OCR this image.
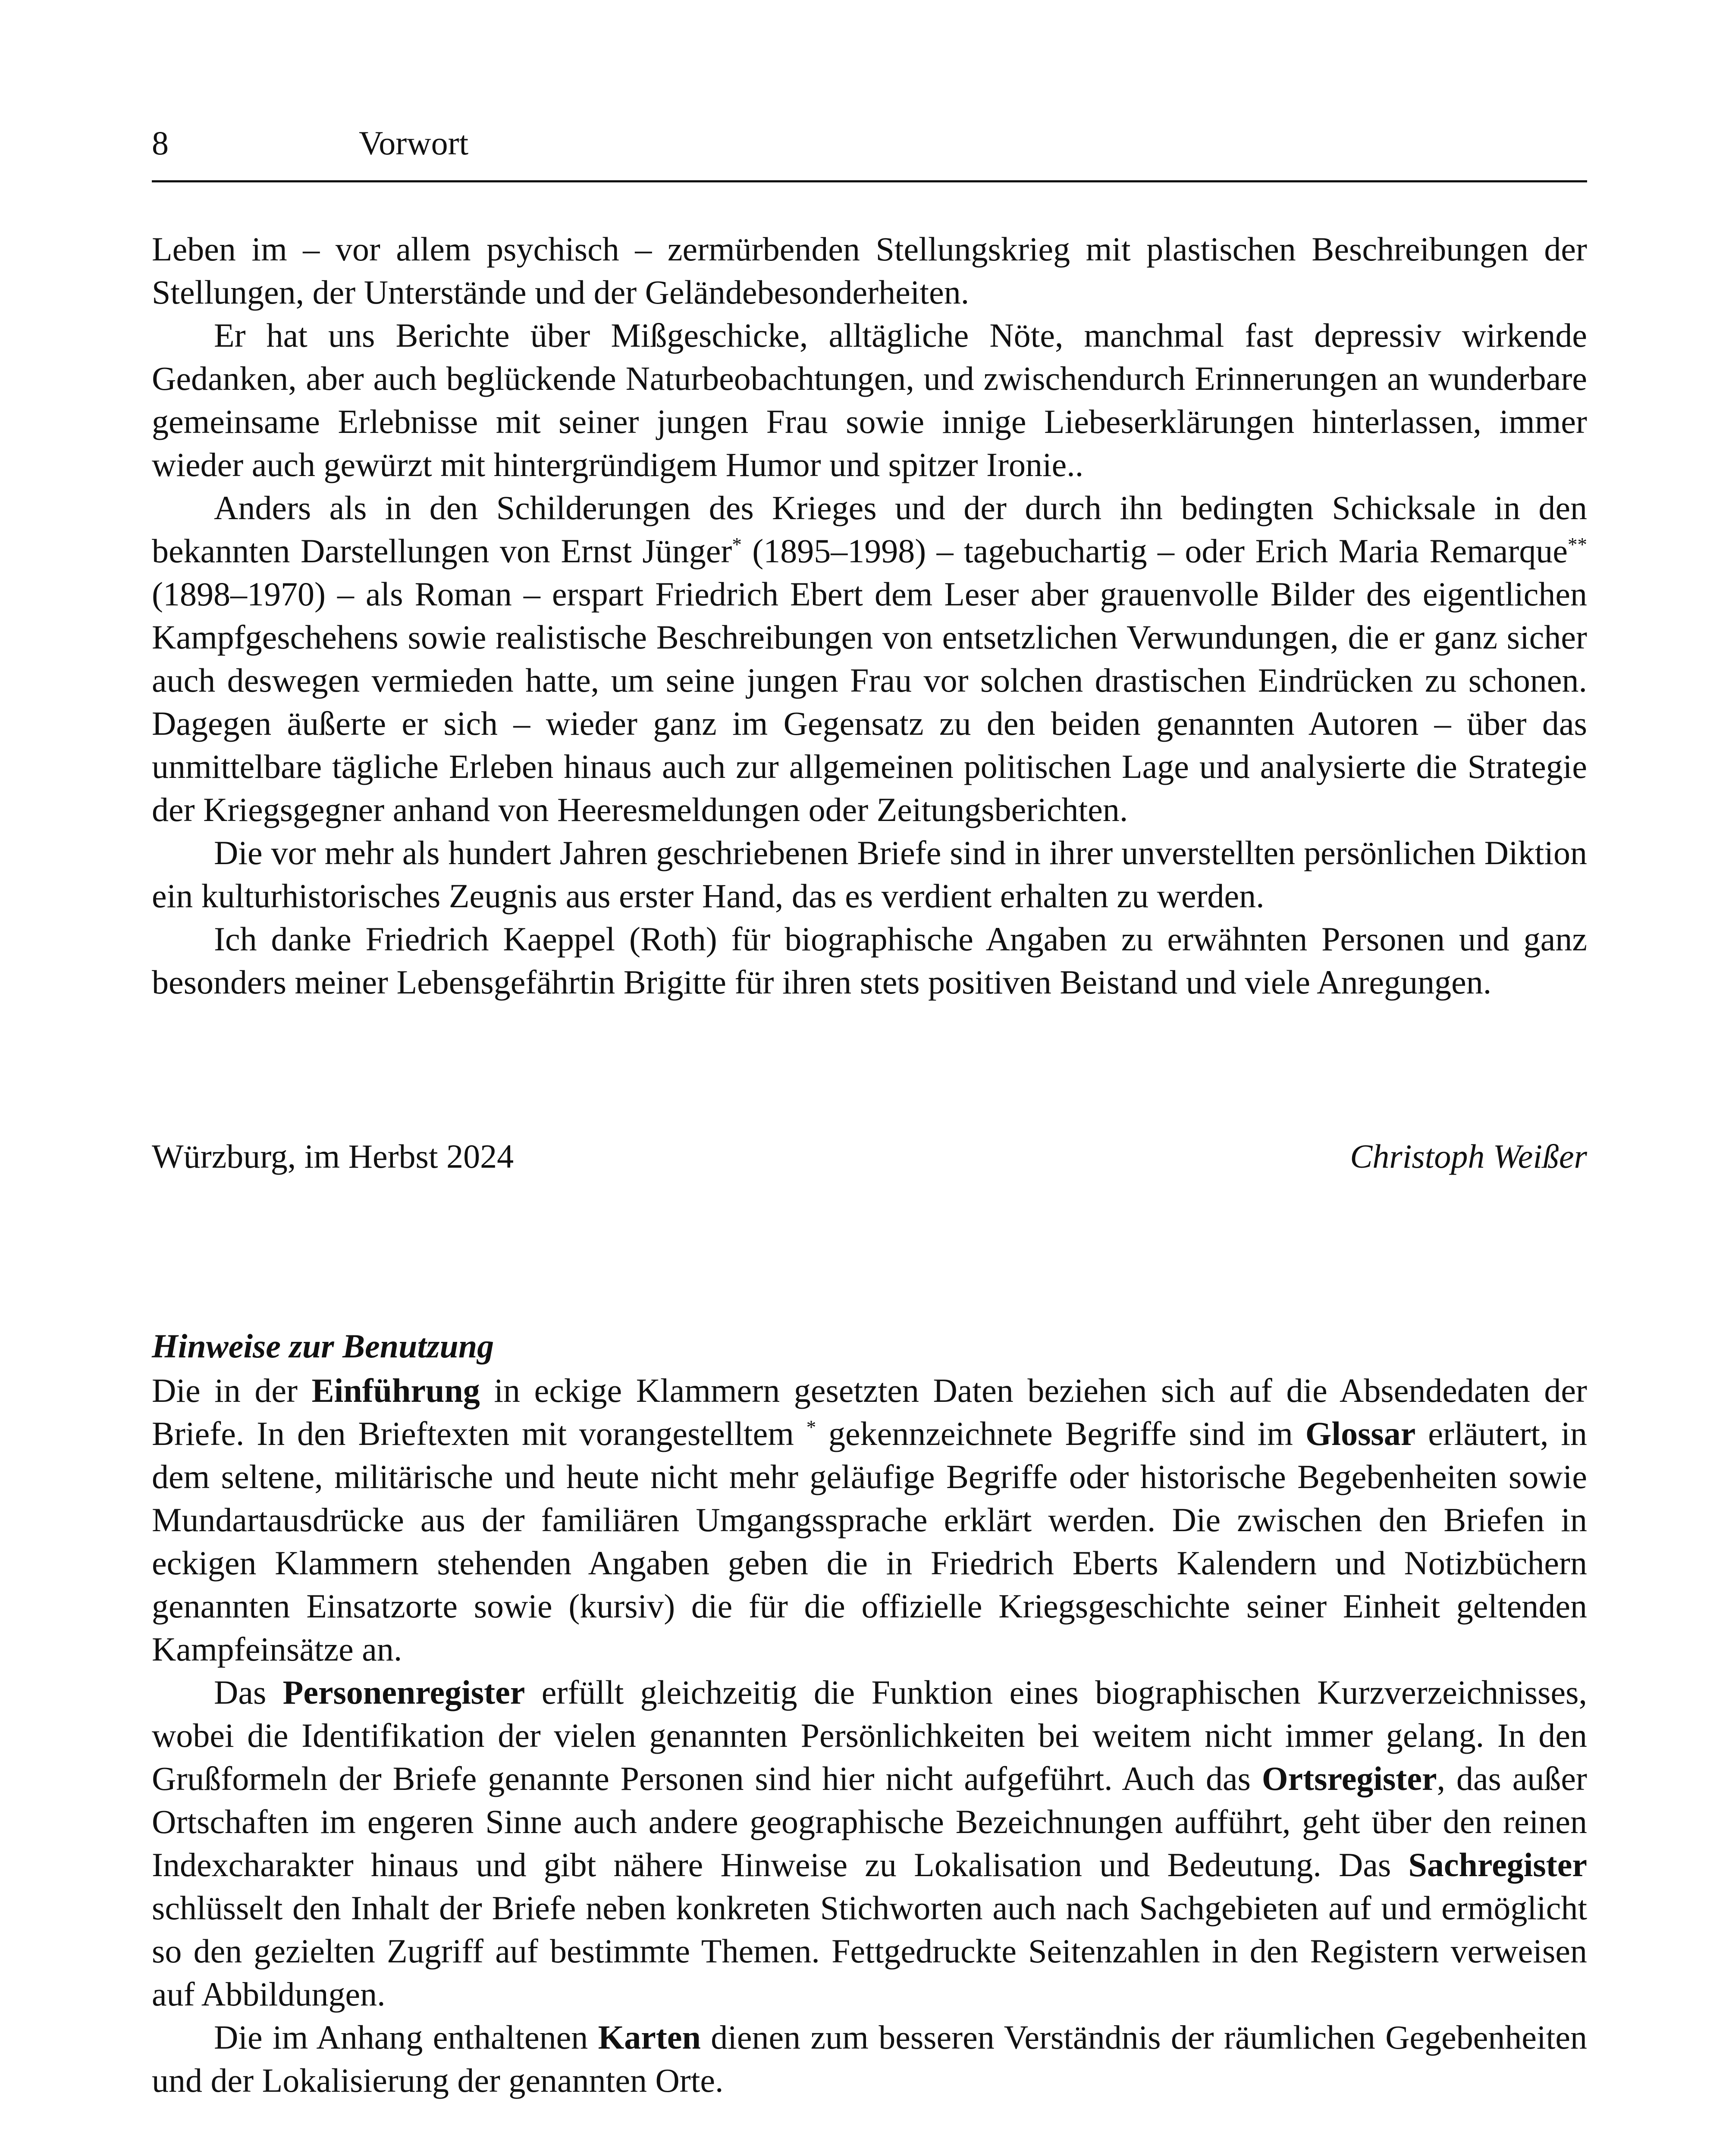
8	Vorwort

Leben im – vor allem psychisch – zermürbenden Stellungskrieg mit plastischen Beschreibungen der Stellungen, der Unterstände und der Geländebesonderheiten.

Er hat uns Berichte über Mißgeschicke, alltägliche Nöte, manchmal fast depressiv wirkende Gedanken, aber auch beglückende Naturbeobachtungen, und zwischendurch Erinnerungen an wunderbare gemeinsame Erlebnisse mit seiner jungen Frau sowie innige Liebeserklärungen hinterlassen, immer wieder auch gewürzt mit hintergründigem Humor und spitzer Ironie..

Anders als in den Schilderungen des Krieges und der durch ihn bedingten Schicksale in den bekannten Darstellungen von Ernst Jünger* (1895–1998) – tagebuchartig – oder Erich Maria Remarque** (1898–1970) – als Roman – erspart Friedrich Ebert dem Leser aber grauenvolle Bilder des eigentlichen Kampfgeschehens sowie realistische Beschreibungen von entsetzlichen Verwundungen, die er ganz sicher auch deswegen vermieden hatte, um seine jungen Frau vor solchen drastischen Eindrücken zu schonen. Dagegen äußerte er sich – wieder ganz im Gegensatz zu den beiden genannten Autoren – über das unmittelbare tägliche Erleben hinaus auch zur allgemeinen politischen Lage und analysierte die Strategie der Kriegsgegner anhand von Heeresmeldungen oder Zeitungsberichten.

Die vor mehr als hundert Jahren geschriebenen Briefe sind in ihrer unverstellten persönlichen Diktion ein kulturhistorisches Zeugnis aus erster Hand, das es verdient erhalten zu werden.

Ich danke Friedrich Kaeppel (Roth) für biographische Angaben zu erwähnten Personen und ganz besonders meiner Lebensgefährtin Brigitte für ihren stets positiven Beistand und viele Anregungen.

Würzburg, im Herbst 2024	Christoph Weißer
Hinweise zur Benutzung

Die in der Einführung in eckige Klammern gesetzten Daten beziehen sich auf die Absendedaten der Briefe. In den Brieftexten mit vorangestelltem * gekennzeichnete Begriffe sind im Glossar erläutert, in dem seltene, militärische und heute nicht mehr geläufige Begriffe oder historische Begebenheiten sowie Mundartausdrücke aus der familiären Umgangssprache erklärt werden. Die zwischen den Briefen in eckigen Klammern stehenden Angaben geben die in Friedrich Eberts Kalendern und Notizbüchern genannten Einsatzorte sowie (kursiv) die für die offizielle Kriegsgeschichte seiner Einheit geltenden Kampfeinsätze an.

Das Personenregister erfüllt gleichzeitig die Funktion eines biographischen Kurzverzeichnisses, wobei die Identifikation der vielen genannten Persönlichkeiten bei weitem nicht immer gelang. In den Grußformeln der Briefe genannte Personen sind hier nicht aufgeführt. Auch das Ortsregister, das außer Ortschaften im engeren Sinne auch andere geographische Bezeichnungen aufführt, geht über den reinen Indexcharakter hinaus und gibt nähere Hinweise zu Lokalisation und Bedeutung. Das Sachregister schlüsselt den Inhalt der Briefe neben konkreten Stichworten auch nach Sachgebieten auf und ermöglicht so den gezielten Zugriff auf bestimmte Themen. Fettgedruckte Seitenzahlen in den Registern verweisen auf Abbildungen.

Die im Anhang enthaltenen Karten dienen zum besseren Verständnis der räumlichen Gegebenheiten und der Lokalisierung der genannten Orte.
